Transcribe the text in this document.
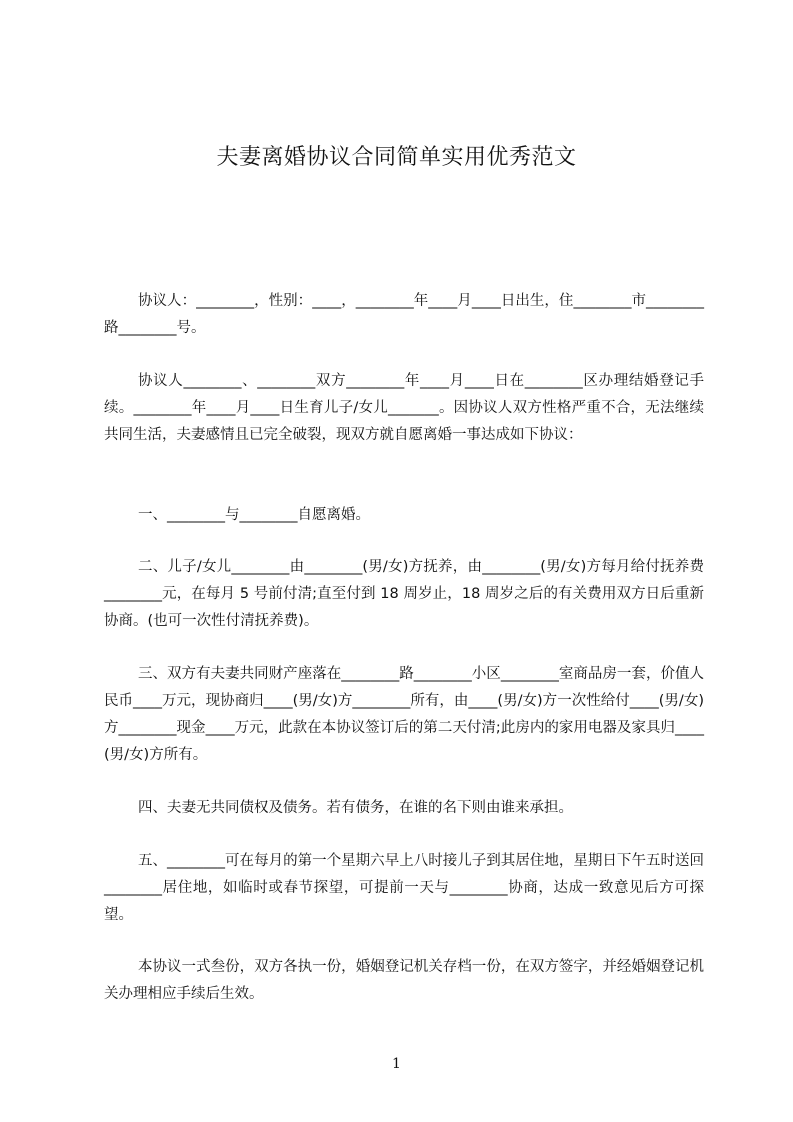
夫妻离婚协议合同简单实用优秀范文

协议人：________，性别：____，________年____月____日出生，住________市________路________号。

协议人________、________双方________年____月____日在________区办理结婚登记手续。________年____月____日生育儿子/女儿_______。因协议人双方性格严重不合，无法继续共同生活，夫妻感情且已完全破裂，现双方就自愿离婚一事达成如下协议：

一、________与________自愿离婚。

二、儿子/女儿________由________(男/女)方抚养，由________(男/女)方每月给付抚养费________元，在每月 5 号前付清;直至付到 18 周岁止，18 周岁之后的有关费用双方日后重新协商。(也可一次性付清抚养费)。

三、双方有夫妻共同财产座落在________路________小区________室商品房一套，价值人民币____万元，现协商归____(男/女)方________所有，由____(男/女)方一次性给付____(男/女)方________现金____万元，此款在本协议签订后的第二天付清;此房内的家用电器及家具归____(男/女)方所有。

四、夫妻无共同债权及债务。若有债务，在谁的名下则由谁来承担。

五、________可在每月的第一个星期六早上八时接儿子到其居住地，星期日下午五时送回________居住地，如临时或春节探望，可提前一天与________协商，达成一致意见后方可探望。

本协议一式叁份，双方各执一份，婚姻登记机关存档一份，在双方签字，并经婚姻登记机关办理相应手续后生效。

1
